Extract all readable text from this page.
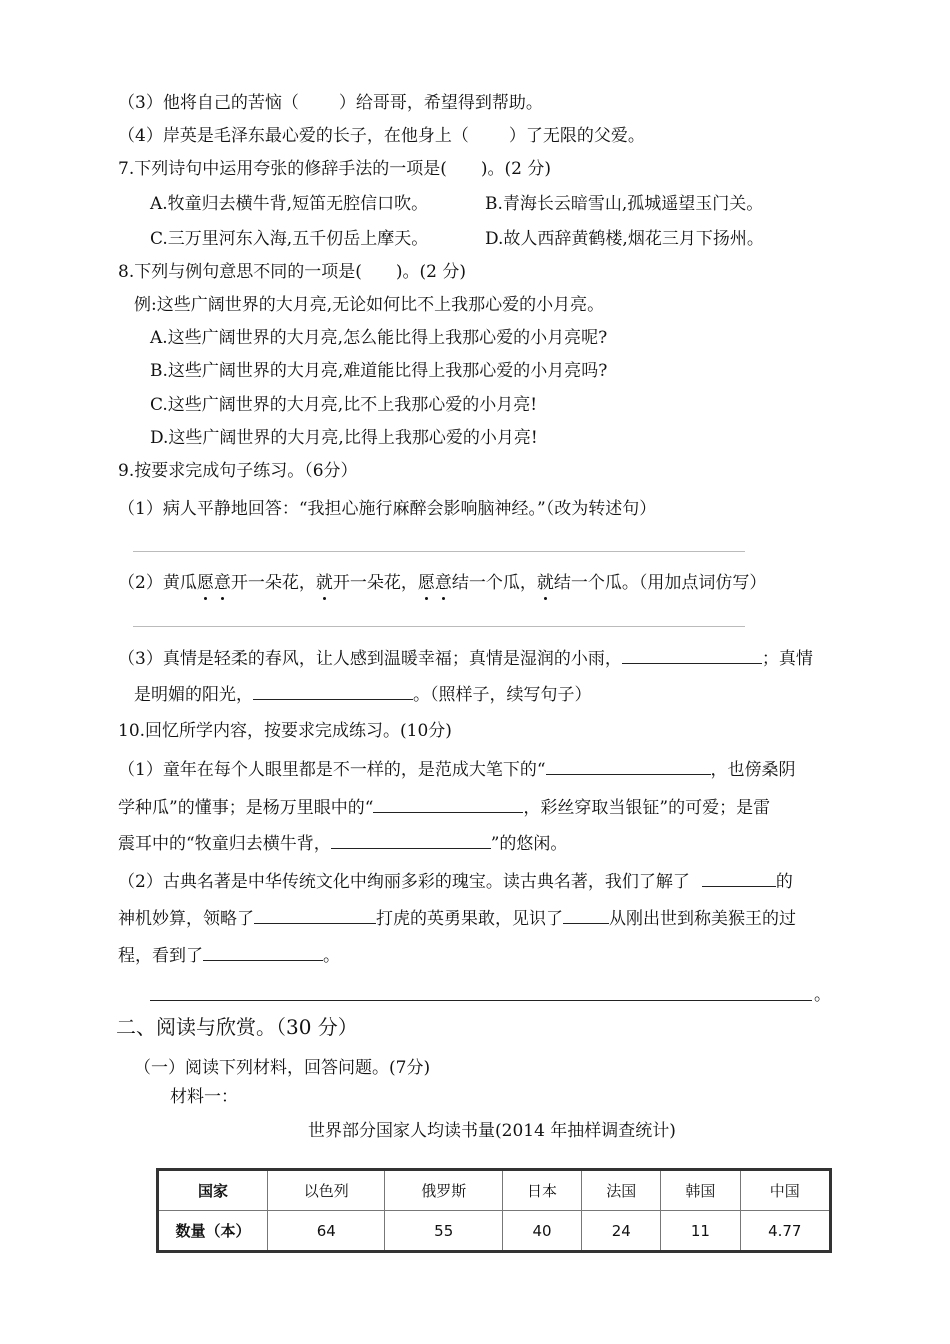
（3）他将自己的苦恼（ ）给哥哥，希望得到帮助。
（4）岸英是毛泽东最心爱的长子，在他身上（ ）了无限的父爱。
7.下列诗句中运用夸张的修辞手法的一项是(　　)。(2 分)
A.牧童归去横牛背,短笛无腔信口吹。	B.青海长云暗雪山,孤城遥望玉门关。
C.三万里河东入海,五千仞岳上摩天。	D.故人西辞黄鹤楼,烟花三月下扬州。
8.下列与例句意思不同的一项是(　　)。(2 分)
例:这些广阔世界的大月亮,无论如何比不上我那心爱的小月亮。
A.这些广阔世界的大月亮,怎么能比得上我那心爱的小月亮呢?
B.这些广阔世界的大月亮,难道能比得上我那心爱的小月亮吗?
C.这些广阔世界的大月亮,比不上我那心爱的小月亮!
D.这些广阔世界的大月亮,比得上我那心爱的小月亮!
9.按要求完成句子练习。（6分）
（1）病人平静地回答：“我担心施行麻醉会影响脑神经。”（改为转述句）
（2）黄瓜愿意开一朵花，就开一朵花，愿意结一个瓜，就结一个瓜。（用加点词仿写）
（3）真情是轻柔的春风，让人感到温暖幸福；真情是湿润的小雨，	；真情
是明媚的阳光，	。（照样子，续写句子）
10.回忆所学内容，按要求完成练习。(10分)
（1）童年在每个人眼里都是不一样的，是范成大笔下的“	，也傍桑阴
学种瓜”的懂事；是杨万里眼中的“	，彩丝穿取当银钲”的可爱；是雷
震耳中的“牧童归去横牛背，	”的悠闲。
（2）古典名著是中华传统文化中绚丽多彩的瑰宝。读古典名著，我们了解了	的
神机妙算，领略了	打虎的英勇果敢，见识了	从刚出世到称美猴王的过
程，看到了	。
。
二、阅读与欣赏。（30 分）
（一）阅读下列材料，回答问题。(7分)
材料一：
世界部分国家人均读书量(2014 年抽样调查统计)
国家	以色列	俄罗斯	日本	法国	韩国	中国
数量（本）	64	55	40	24	11	4.77
